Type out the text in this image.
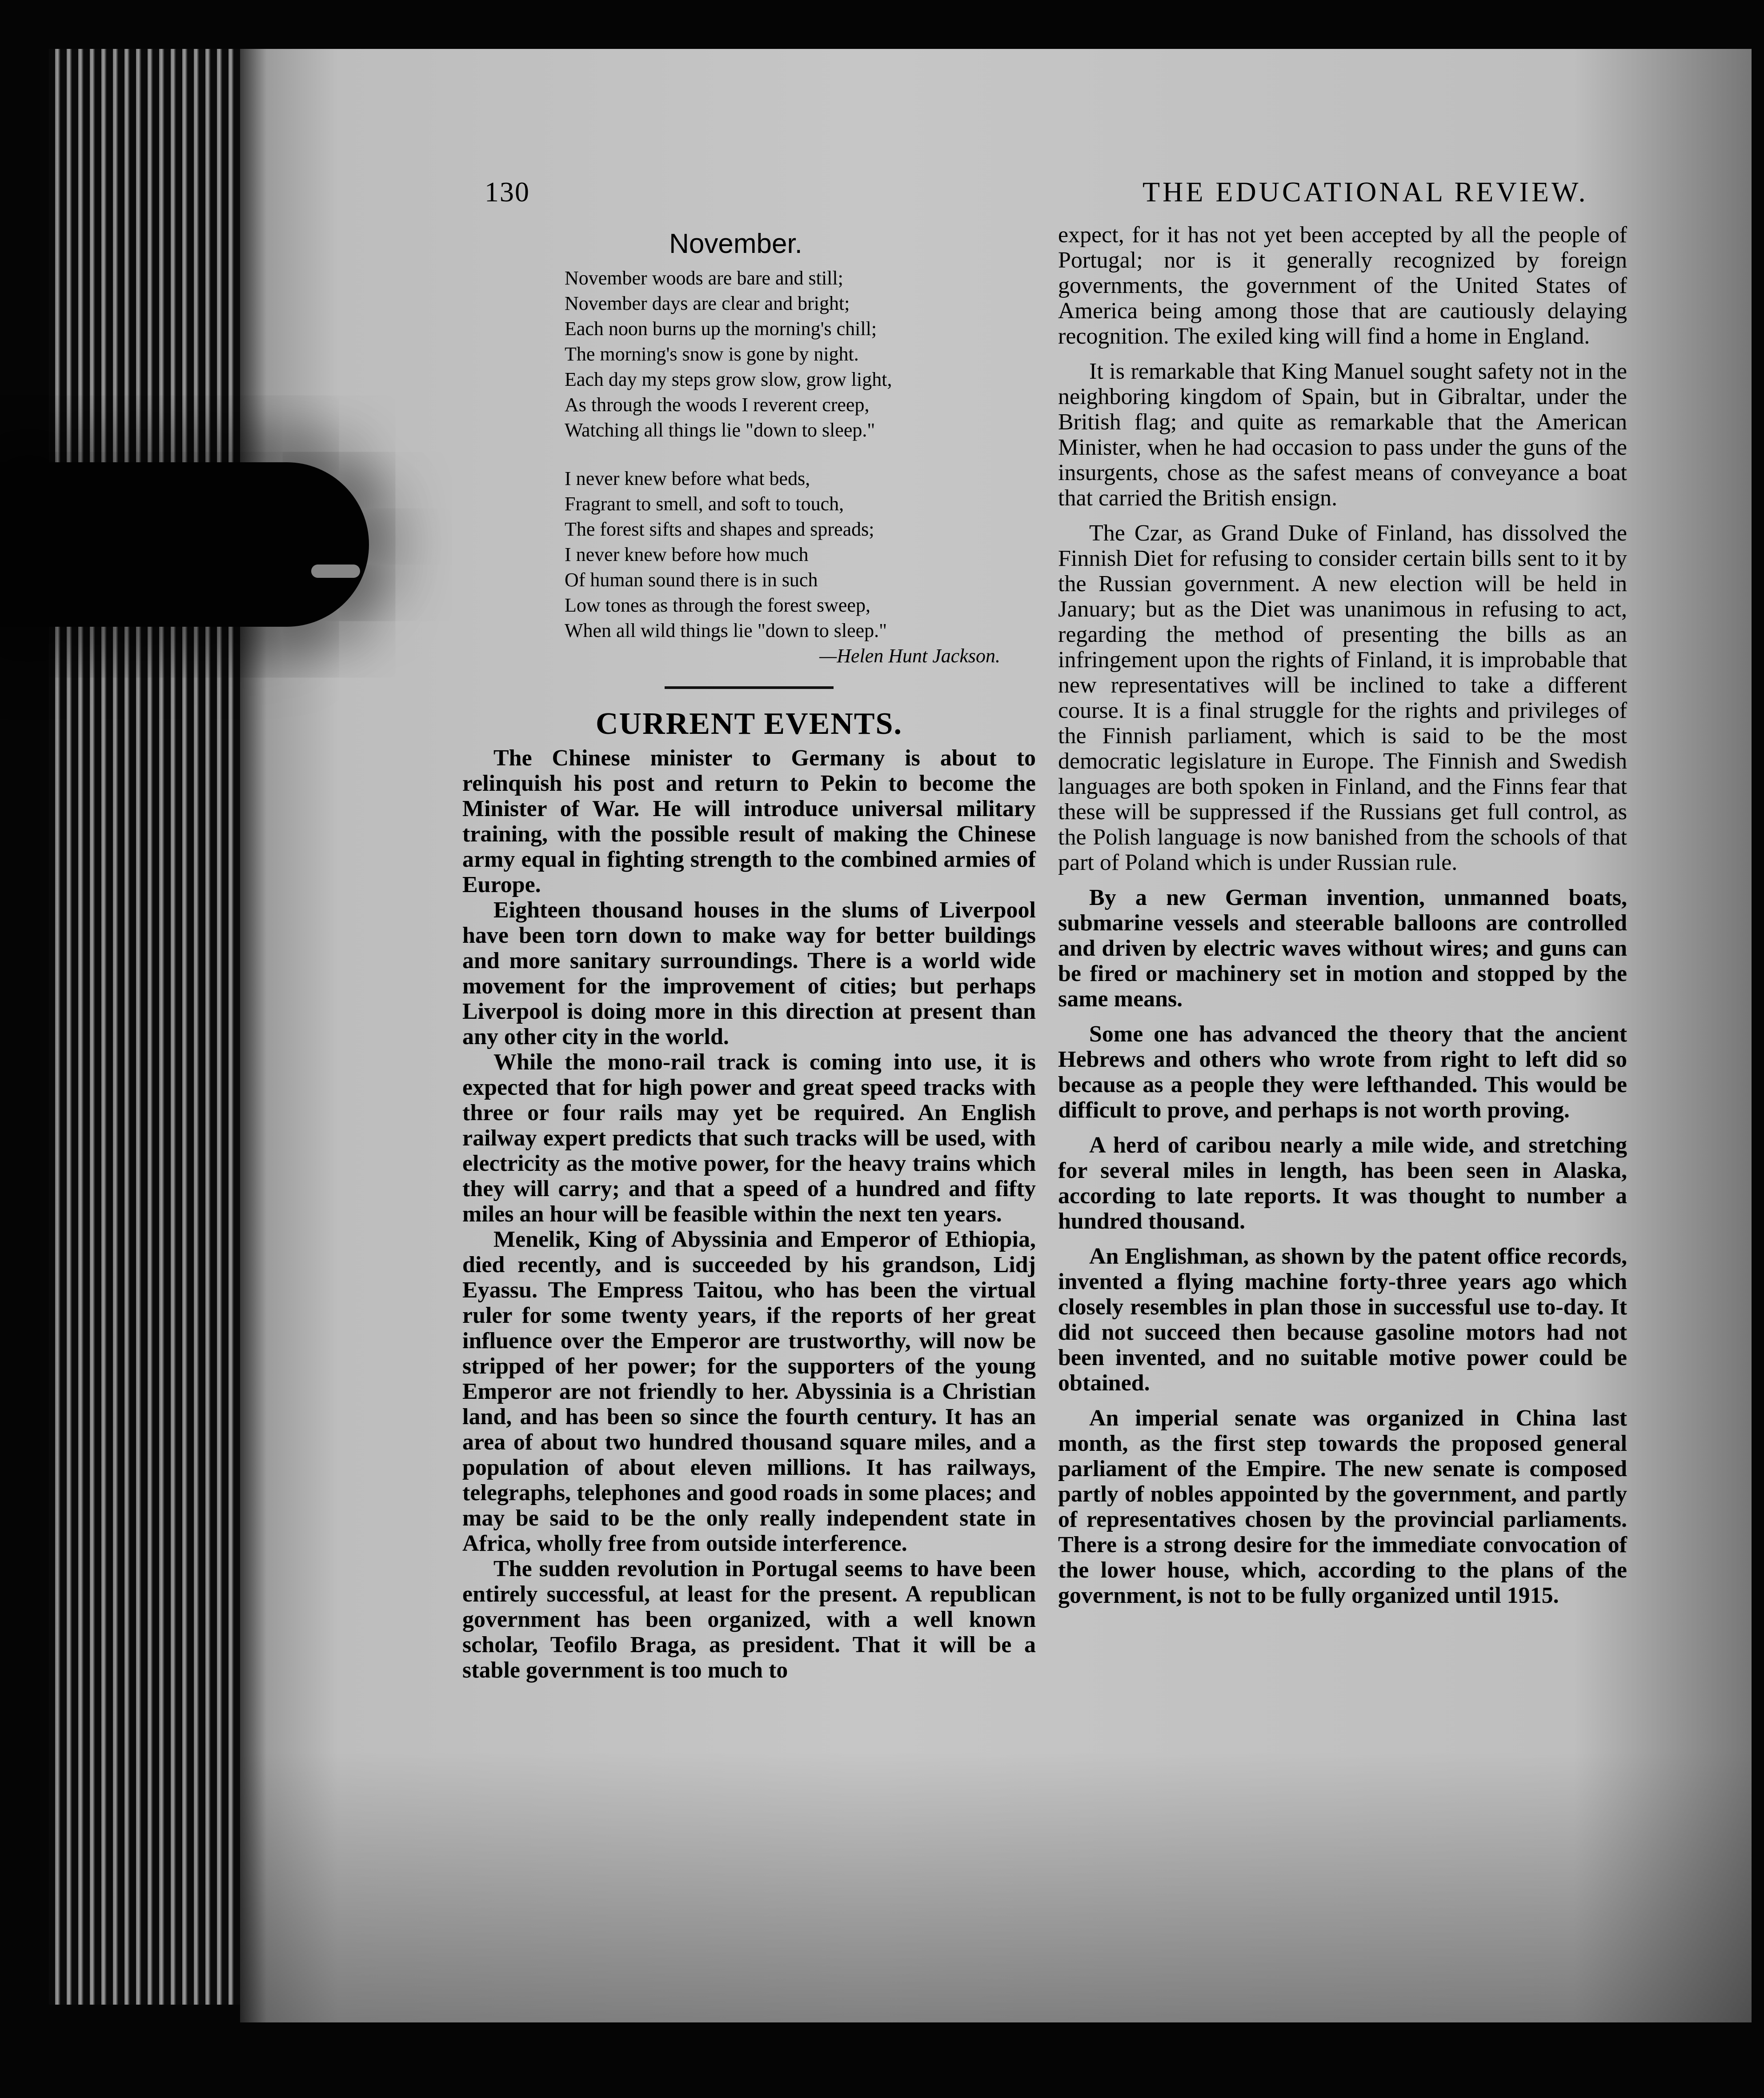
130	THE EDUCATIONAL REVIEW.
November.
November woods are bare and still;
November days are clear and bright;
Each noon burns up the morning's chill;
The morning's snow is gone by night.
Each day my steps grow slow, grow light,
As through the woods I reverent creep,
Watching all things lie "down to sleep."
I never knew before what beds,
Fragrant to smell, and soft to touch,
The forest sifts and shapes and spreads;
I never knew before how much
Of human sound there is in such
Low tones as through the forest sweep,
When all wild things lie "down to sleep."
—Helen Hunt Jackson.
CURRENT EVENTS.

The Chinese minister to Germany is about to relinquish his post and return to Pekin to become the Minister of War. He will introduce universal military training, with the possible result of making the Chinese army equal in fighting strength to the combined armies of Europe.

Eighteen thousand houses in the slums of Liverpool have been torn down to make way for better buildings and more sanitary surroundings. There is a world wide movement for the improvement of cities; but perhaps Liverpool is doing more in this direction at present than any other city in the world.

While the mono-rail track is coming into use, it is expected that for high power and great speed tracks with three or four rails may yet be required. An English railway expert predicts that such tracks will be used, with electricity as the motive power, for the heavy trains which they will carry; and that a speed of a hundred and fifty miles an hour will be feasible within the next ten years.

Menelik, King of Abyssinia and Emperor of Ethiopia, died recently, and is succeeded by his grandson, Lidj Eyassu. The Empress Taitou, who has been the virtual ruler for some twenty years, if the reports of her great influence over the Emperor are trustworthy, will now be stripped of her power; for the supporters of the young Emperor are not friendly to her. Abyssinia is a Christian land, and has been so since the fourth century. It has an area of about two hundred thousand square miles, and a population of about eleven millions. It has railways, telegraphs, telephones and good roads in some places; and may be said to be the only really independent state in Africa, wholly free from outside interference.

The sudden revolution in Portugal seems to have been entirely successful, at least for the present. A republican government has been organized, with a well known scholar, Teofilo Braga, as president. That it will be a stable government is too much to

expect, for it has not yet been accepted by all the people of Portugal; nor is it generally recognized by foreign governments, the government of the United States of America being among those that are cautiously delaying recognition. The exiled king will find a home in England.

It is remarkable that King Manuel sought safety not in the neighboring kingdom of Spain, but in Gibraltar, under the British flag; and quite as remarkable that the American Minister, when he had occasion to pass under the guns of the insurgents, chose as the safest means of conveyance a boat that carried the British ensign.

The Czar, as Grand Duke of Finland, has dissolved the Finnish Diet for refusing to consider certain bills sent to it by the Russian government. A new election will be held in January; but as the Diet was unanimous in refusing to act, regarding the method of presenting the bills as an infringement upon the rights of Finland, it is improbable that new representatives will be inclined to take a different course. It is a final struggle for the rights and privileges of the Finnish parliament, which is said to be the most democratic legislature in Europe. The Finnish and Swedish languages are both spoken in Finland, and the Finns fear that these will be suppressed if the Russians get full control, as the Polish language is now banished from the schools of that part of Poland which is under Russian rule.

By a new German invention, unmanned boats, submarine vessels and steerable balloons are controlled and driven by electric waves without wires; and guns can be fired or machinery set in motion and stopped by the same means.

Some one has advanced the theory that the ancient Hebrews and others who wrote from right to left did so because as a people they were lefthanded. This would be difficult to prove, and perhaps is not worth proving.

A herd of caribou nearly a mile wide, and stretching for several miles in length, has been seen in Alaska, according to late reports. It was thought to number a hundred thousand.

An Englishman, as shown by the patent office records, invented a flying machine forty-three years ago which closely resembles in plan those in successful use to-day. It did not succeed then because gasoline motors had not been invented, and no suitable motive power could be obtained.

An imperial senate was organized in China last month, as the first step towards the proposed general parliament of the Empire. The new senate is composed partly of nobles appointed by the government, and partly of representatives chosen by the provincial parliaments. There is a strong desire for the immediate convocation of the lower house, which, according to the plans of the government, is not to be fully organized until 1915.
